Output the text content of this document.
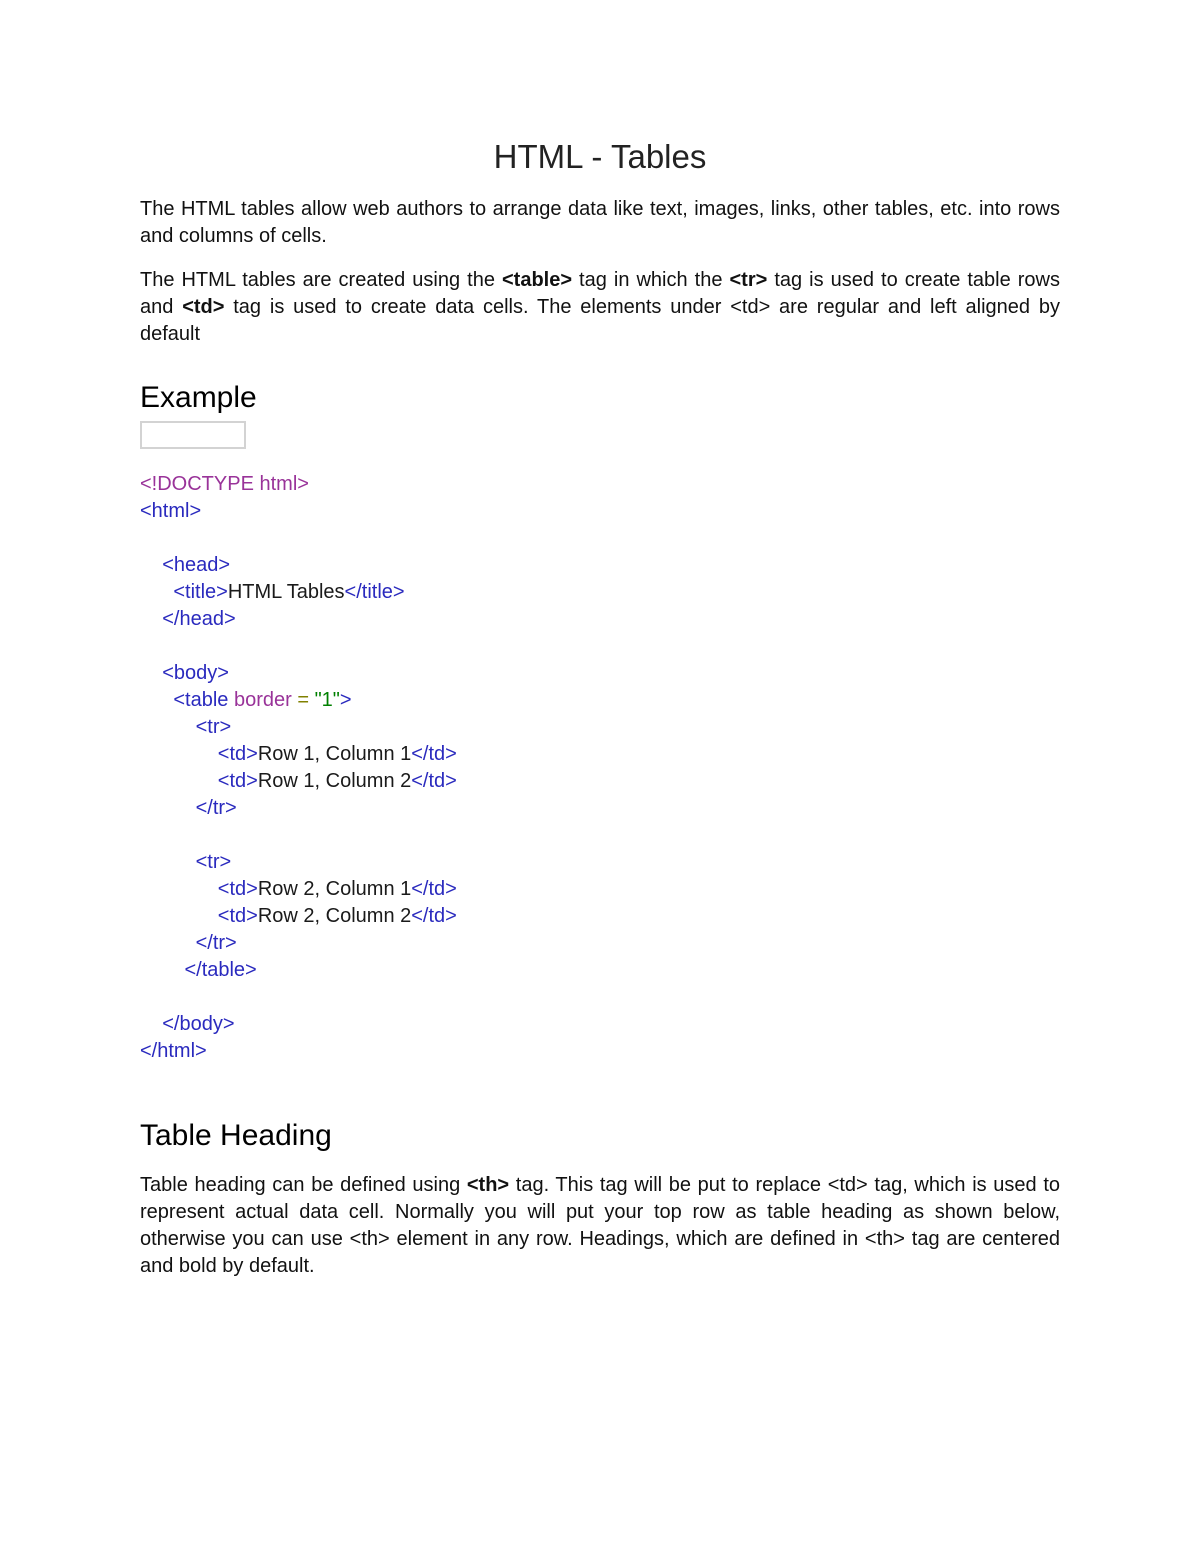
HTML - Tables

The HTML tables allow web authors to arrange data like text, images, links, other tables, etc. into rows and columns of cells.

The HTML tables are created using the <table> tag in which the <tr> tag is used to create table rows and <td> tag is used to create data cells. The elements under <td> are regular and left aligned by default

Example
<!DOCTYPE html>
<html>

<head>
<title>HTML Tables</title>
</head>

<body>
<table border = "1">
<tr>
<td>Row 1, Column 1</td>
<td>Row 1, Column 2</td>
</tr>

<tr>
<td>Row 2, Column 1</td>
<td>Row 2, Column 2</td>
</tr>
</table>

</body>
</html>
Table Heading

Table heading can be defined using <th> tag. This tag will be put to replace <td> tag, which is used to represent actual data cell. Normally you will put your top row as table heading as shown below, otherwise you can use <th> element in any row. Headings, which are defined in <th> tag are centered and bold by default.
